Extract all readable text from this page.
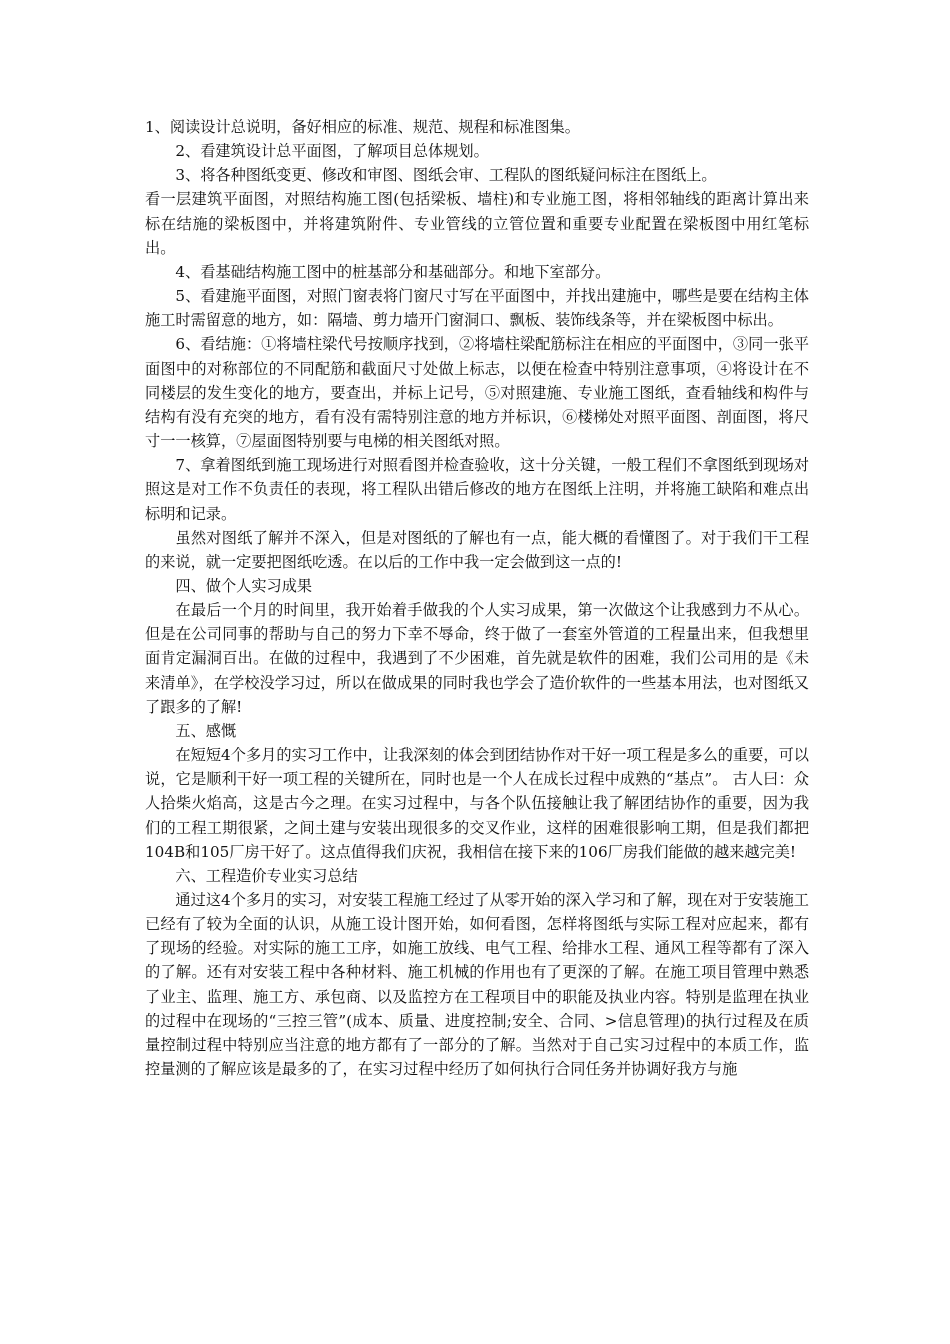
1、阅读设计总说明，备好相应的标准、规范、规程和标准图集。

2、看建筑设计总平面图，了解项目总体规划。

3、将各种图纸变更、修改和审图、图纸会审、工程队的图纸疑问标注在图纸上。

看一层建筑平面图，对照结构施工图(包括梁板、墙柱)和专业施工图，将相邻轴线的距离计算出来标在结施的梁板图中，并将建筑附件、专业管线的立管位置和重要专业配置在梁板图中用红笔标出。

4、看基础结构施工图中的桩基部分和基础部分。和地下室部分。

5、看建施平面图，对照门窗表将门窗尺寸写在平面图中，并找出建施中，哪些是要在结构主体施工时需留意的地方，如：隔墙、剪力墙开门窗洞口、飘板、装饰线条等，并在梁板图中标出。

6、看结施：①将墙柱梁代号按顺序找到，②将墙柱梁配筋标注在相应的平面图中，③同一张平面图中的对称部位的不同配筋和截面尺寸处做上标志，以便在检查中特别注意事项，④将设计在不同楼层的发生变化的地方，要查出，并标上记号，⑤对照建施、专业施工图纸，查看轴线和构件与结构有没有充突的地方，看有没有需特别注意的地方并标识，⑥楼梯处对照平面图、剖面图，将尺寸一一核算，⑦屋面图特别要与电梯的相关图纸对照。

7、拿着图纸到施工现场进行对照看图并检查验收，这十分关键，一般工程们不拿图纸到现场对照这是对工作不负责任的表现，将工程队出错后修改的地方在图纸上注明，并将施工缺陷和难点出标明和记录。

虽然对图纸了解并不深入，但是对图纸的了解也有一点，能大概的看懂图了。对于我们干工程的来说，就一定要把图纸吃透。在以后的工作中我一定会做到这一点的!

四、做个人实习成果

在最后一个月的时间里，我开始着手做我的个人实习成果，第一次做这个让我感到力不从心。但是在公司同事的帮助与自己的努力下幸不辱命，终于做了一套室外管道的工程量出来，但我想里面肯定漏洞百出。在做的过程中，我遇到了不少困难，首先就是软件的困难，我们公司用的是《未来清单》，在学校没学习过，所以在做成果的同时我也学会了造价软件的一些基本用法，也对图纸又了跟多的了解!

五、感慨

在短短4个多月的实习工作中，让我深刻的体会到团结协作对干好一项工程是多么的重要，可以说，它是顺利干好一项工程的关键所在，同时也是一个人在成长过程中成熟的“基点”。 古人曰：众人拾柴火焰高，这是古今之理。在实习过程中，与各个队伍接触让我了解团结协作的重要，因为我们的工程工期很紧，之间土建与安装出现很多的交叉作业，这样的困难很影响工期，但是我们都把104B和105厂房干好了。这点值得我们庆祝，我相信在接下来的106厂房我们能做的越来越完美!

六、工程造价专业实习总结

通过这4个多月的实习，对安装工程施工经过了从零开始的深入学习和了解，现在对于安装施工已经有了较为全面的认识，从施工设计图开始，如何看图，怎样将图纸与实际工程对应起来，都有了现场的经验。对实际的施工工序，如施工放线、电气工程、给排水工程、通风工程等都有了深入的了解。还有对安装工程中各种材料、施工机械的作用也有了更深的了解。在施工项目管理中熟悉了业主、监理、施工方、承包商、以及监控方在工程项目中的职能及执业内容。特别是监理在执业的过程中在现场的“三控三管”(成本、质量、进度控制;安全、合同、>信息管理)的执行过程及在质量控制过程中特别应当注意的地方都有了一部分的了解。当然对于自己实习过程中的本质工作，监控量测的了解应该是最多的了，在实习过程中经历了如何执行合同任务并协调好我方与施
